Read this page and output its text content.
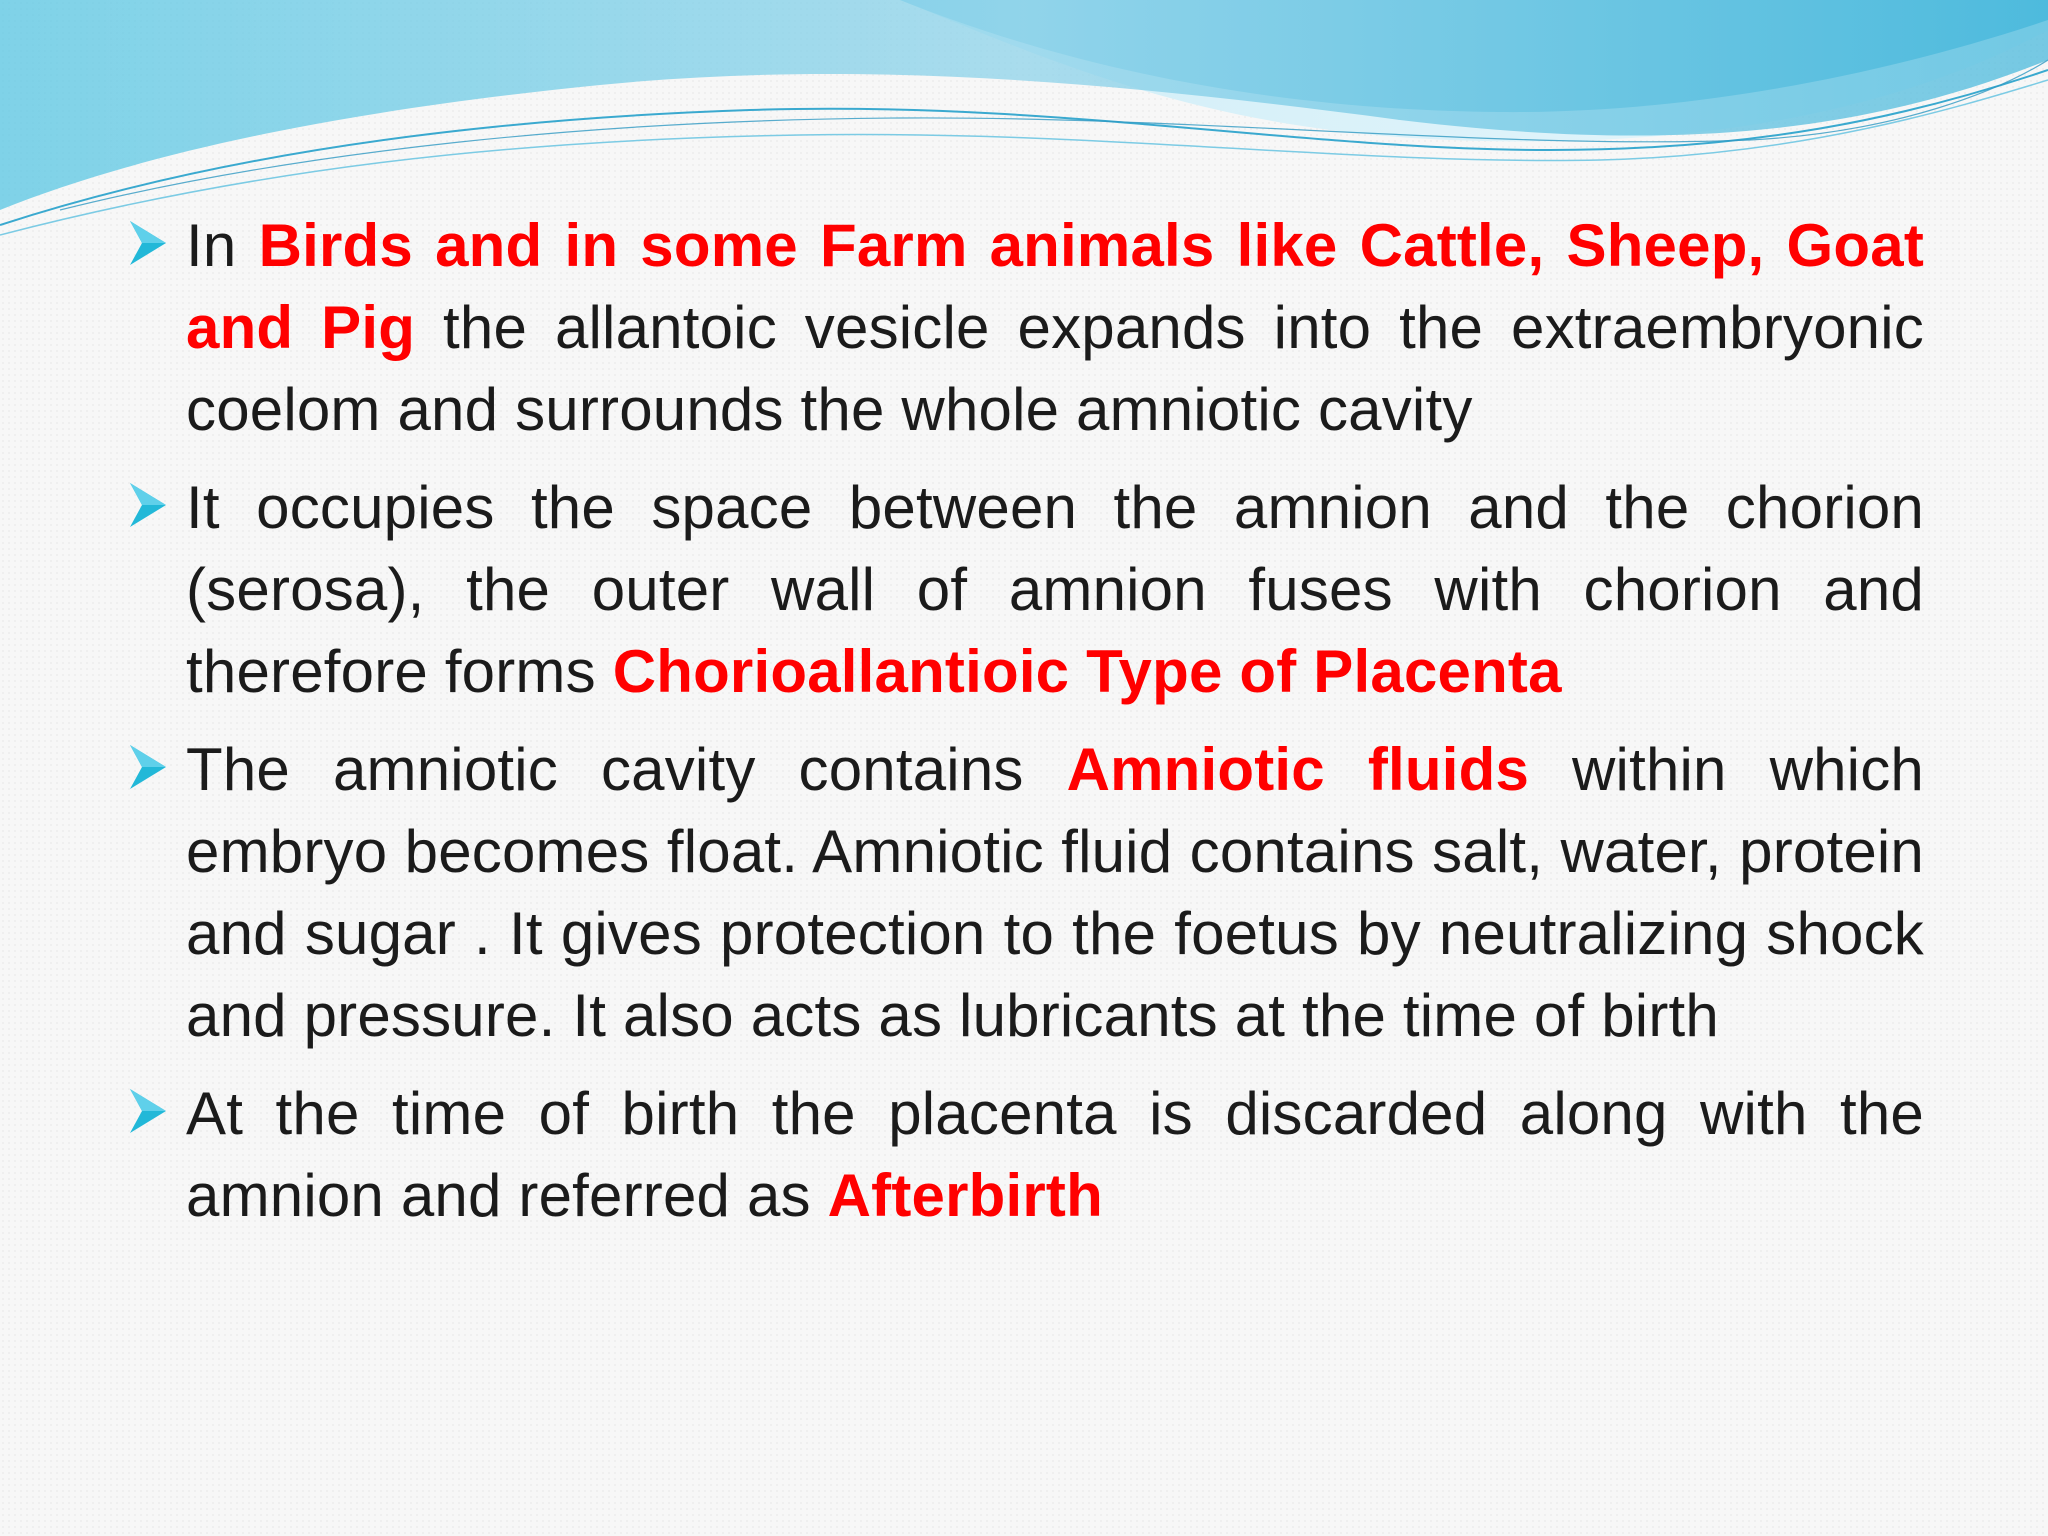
In Birds and in some Farm animals like Cattle, Sheep, Goat and Pig the allantoic vesicle expands into the extraembryonic coelom and surrounds the whole amniotic cavity
It occupies the space between the amnion and the chorion (serosa), the outer wall of amnion fuses with chorion and therefore forms Chorioallantioic Type of Placenta
The amniotic cavity contains Amniotic fluids within which embryo becomes float. Amniotic fluid contains salt, water, protein and sugar . It gives protection to the foetus by neutralizing shock and pressure. It also acts as lubricants at the time of birth
At the time of birth the placenta is discarded along with the amnion and referred as Afterbirth
